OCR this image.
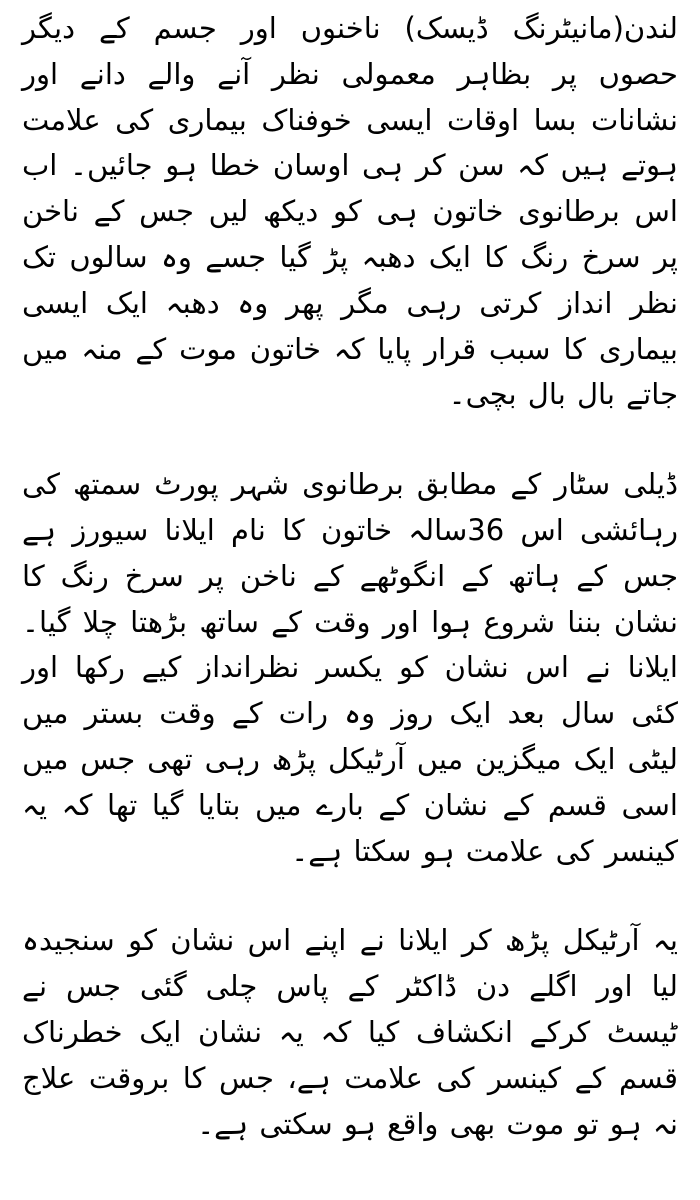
لندن(مانیٹرنگ ڈیسک) ناخنوں اور جسم کے دیگر حصوں پر بظاہر معمولی نظر آنے والے دانے اور نشانات بسا اوقات ایسی خوفناک بیماری کی علامت ہوتے ہیں کہ سن کر ہی اوسان خطا ہو جائیں۔ اب اس برطانوی خاتون ہی کو دیکھ لیں جس کے ناخن پر سرخ رنگ کا ایک دھبہ پڑ گیا جسے وہ سالوں تک نظر انداز کرتی رہی مگر پھر وہ دھبہ ایک ایسی بیماری کا سبب قرار پایا کہ خاتون موت کے منہ میں جاتے بال بال بچی۔

ڈیلی سٹار کے مطابق برطانوی شہر پورٹ سمتھ کی رہائشی اس 36سالہ خاتون کا نام ایلانا سیورز ہے جس کے ہاتھ کے انگوٹھے کے ناخن پر سرخ رنگ کا نشان بننا شروع ہوا اور وقت کے ساتھ بڑھتا چلا گیا۔ایلانا نے اس نشان کو یکسر نظرانداز کیے رکھا اور کئی سال بعد ایک روز وہ رات کے وقت بستر میں لیٹی ایک میگزین میں آرٹیکل پڑھ رہی تھی جس میں اسی قسم کے نشان کے بارے میں بتایا گیا تھا کہ یہ کینسر کی علامت ہو سکتا ہے۔

یہ آرٹیکل پڑھ کر ایلانا نے اپنے اس نشان کو سنجیدہ لیا اور اگلے دن ڈاکٹر کے پاس چلی گئی جس نے ٹیسٹ کرکے انکشاف کیا کہ یہ نشان ایک خطرناک قسم کے کینسر کی علامت ہے، جس کا بروقت علاج نہ ہو تو موت بھی واقع ہو سکتی ہے۔
